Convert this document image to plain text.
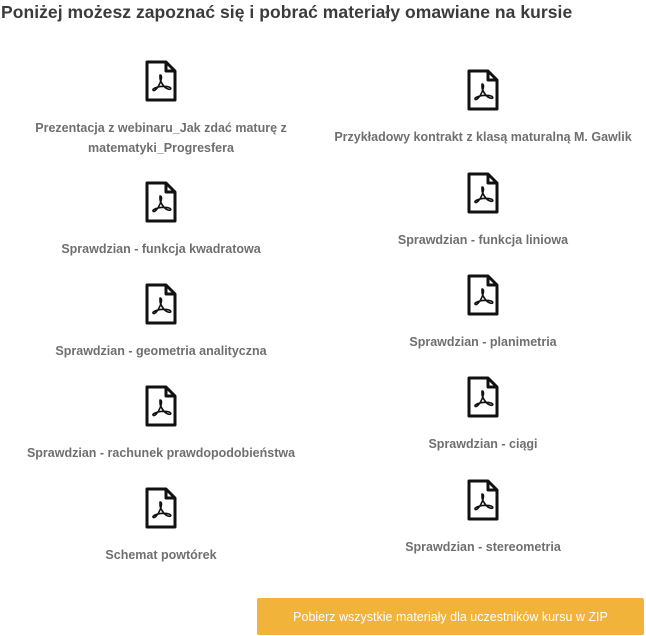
Poniżej możesz zapoznać się i pobrać materiały omawiane na kursie
Prezentacja z webinaru_Jak zdać maturę z matematyki_Progresfera
Sprawdzian - funkcja kwadratowa
Sprawdzian - geometria analityczna
Sprawdzian - rachunek prawdopodobieństwa
Schemat powtórek
Przykładowy kontrakt z klasą maturalną M. Gawlik
Sprawdzian - funkcja liniowa
Sprawdzian - planimetria
Sprawdzian - ciągi
Sprawdzian - stereometria
Pobierz wszystkie materiały dla uczestników kursu w ZIP
